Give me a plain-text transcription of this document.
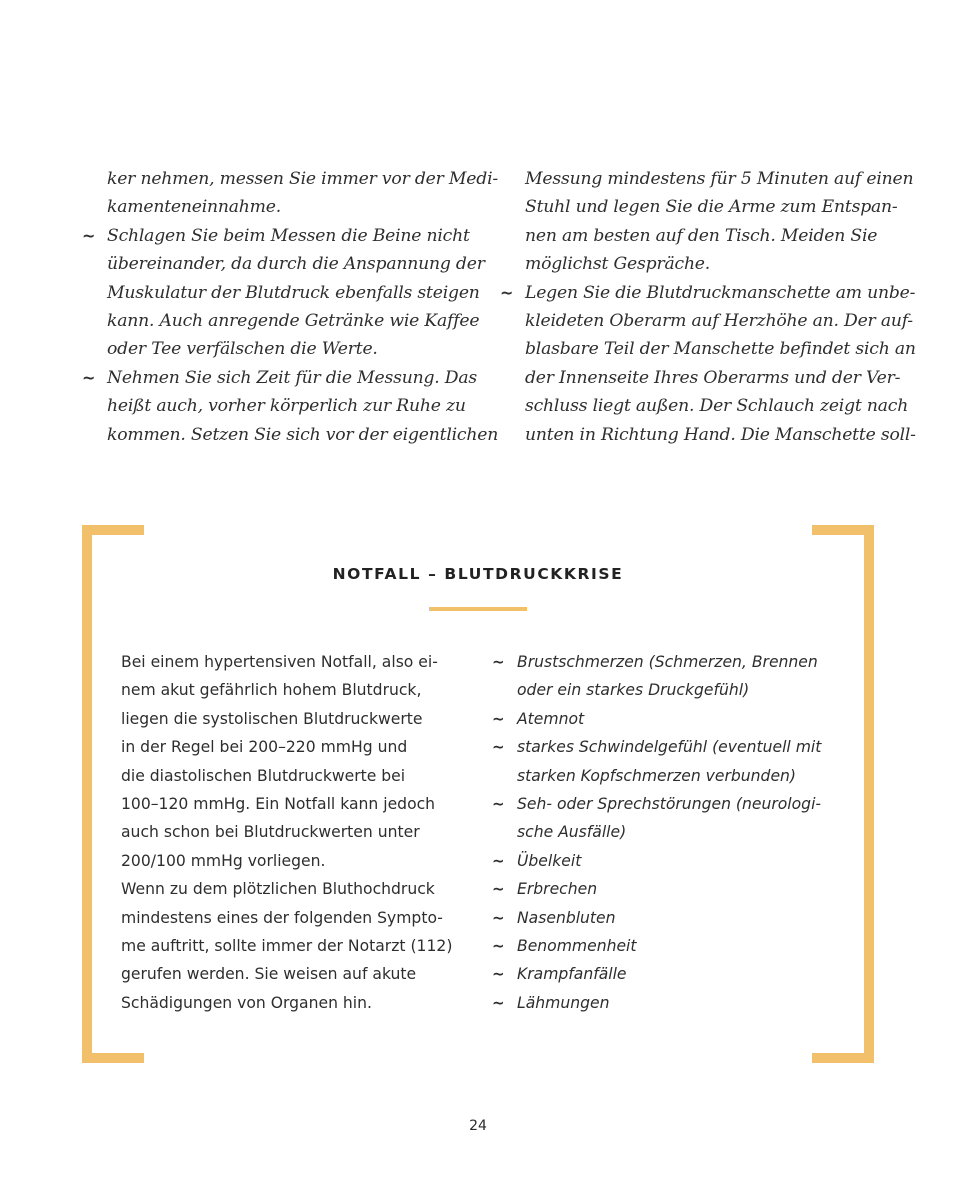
ker nehmen, messen Sie immer vor der Medi-
kamenteneinnahme.
~ Schlagen Sie beim Messen die Beine nicht
übereinander, da durch die Anspannung der
Muskulatur der Blutdruck ebenfalls steigen
kann. Auch anregende Getränke wie Kaffee
oder Tee verfälschen die Werte.
~ Nehmen Sie sich Zeit für die Messung. Das
heißt auch, vorher körperlich zur Ruhe zu
kommen. Setzen Sie sich vor der eigentlichen
Messung mindestens für 5 Minuten auf einen
Stuhl und legen Sie die Arme zum Entspan-
nen am besten auf den Tisch. Meiden Sie
möglichst Gespräche.
~ Legen Sie die Blutdruckmanschette am unbe-
kleideten Oberarm auf Herzhöhe an. Der auf-
blasbare Teil der Manschette befindet sich an
der Innenseite Ihres Oberarms und der Ver-
schluss liegt außen. Der Schlauch zeigt nach
unten in Richtung Hand. Die Manschette soll-
NOTFALL – BLUTDRUCKKRISE
Bei einem hypertensiven Notfall, also ei-
nem akut gefährlich hohem Blutdruck,
liegen die systolischen Blutdruckwerte
in der Regel bei 200–220 mmHg und
die diastolischen Blutdruckwerte bei
100–120 mmHg. Ein Notfall kann jedoch
auch schon bei Blutdruckwerten unter
200/100 mmHg vorliegen.
Wenn zu dem plötzlichen Bluthochdruck
mindestens eines der folgenden Sympto-
me auftritt, sollte immer der Notarzt (112)
gerufen werden. Sie weisen auf akute
Schädigungen von Organen hin.
~ Brustschmerzen (Schmerzen, Brennen
oder ein starkes Druckgefühl)
~ Atemnot
~ starkes Schwindelgefühl (eventuell mit
starken Kopfschmerzen verbunden)
~ Seh- oder Sprechstörungen (neurologi-
sche Ausfälle)
~ Übelkeit
~ Erbrechen
~ Nasenbluten
~ Benommenheit
~ Krampfanfälle
~ Lähmungen
24
